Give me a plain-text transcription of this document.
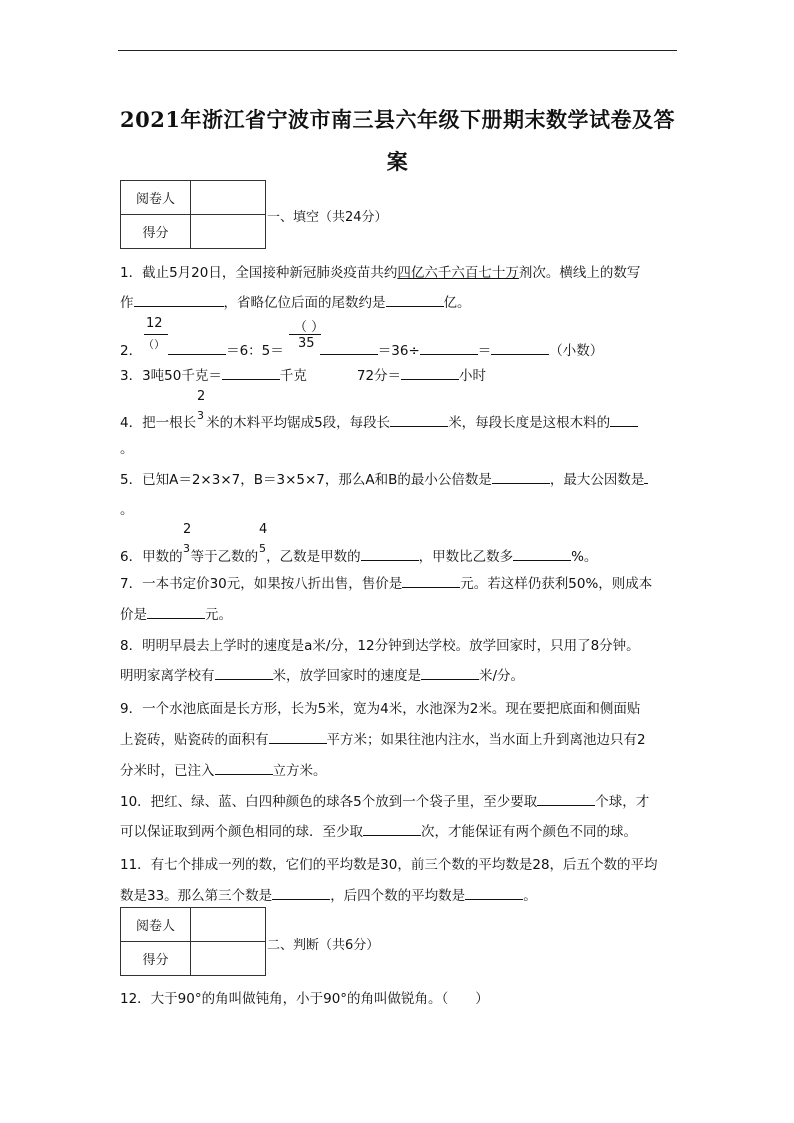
2021年浙江省宁波市南三县六年级下册期末数学试卷及答
案
阅卷人	
得分	
一、填空（共24分）
1．截止5月20日，全国接种新冠肺炎疫苗共约四亿六千六百七十万剂次。横线上的数写
作	，省略亿位后面的尾数约是	亿。
12
（）
（ ）
35
2．	＝6：5＝	＝36÷	＝	（小数）
3．3吨50千克＝	千克	72分＝	小时
2
3
4．把一根长 米的木料平均锯成5段，每段长	米，每段长度是这根木料的
。
5．已知A＝2×3×7，B＝3×5×7，那么A和B的最小公倍数是	，最大公因数是
。
2
3
4
5
6．甲数的 等于乙数的 ，乙数是甲数的	，甲数比乙数多	%。
7．一本书定价30元，如果按八折出售，售价是	元。若这样仍获利50%，则成本
价是	元。
8．明明早晨去上学时的速度是a米/分，12分钟到达学校。放学回家时，只用了8分钟。
明明家离学校有	米，放学回家时的速度是	米/分。
9．一个水池底面是长方形，长为5米，宽为4米，水池深为2米。现在要把底面和侧面贴
上瓷砖，贴瓷砖的面积有	平方米；如果往池内注水，当水面上升到离池边只有2
分米时，已注入	立方米。
10．把红、绿、蓝、白四种颜色的球各5个放到一个袋子里，至少要取	个球，才
可以保证取到两个颜色相同的球．至少取	次，才能保证有两个颜色不同的球。
11．有七个排成一列的数，它们的平均数是30，前三个数的平均数是28，后五个数的平均
数是33。那么第三个数是	，后四个数的平均数是	。
阅卷人	
得分	
二、判断（共6分）
12．大于90°的角叫做钝角，小于90°的角叫做锐角。（　　）
